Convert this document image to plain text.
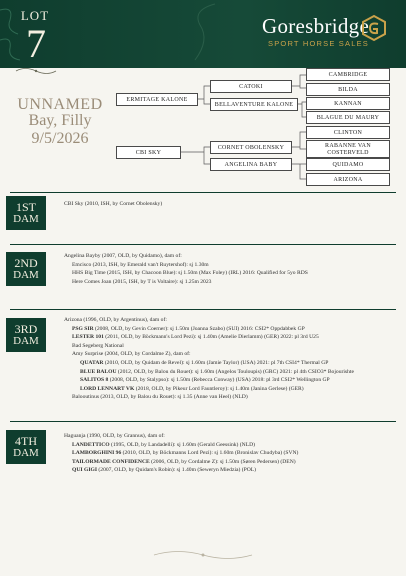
LOT
7	Goresbridge
SPORT HORSE SALES
UNNAMED
Bay, Filly
9/5/2026
ERMITAGE KALONE
CATOKI
BELLAVENTURE KALONE
CAMBRIDGE
BILDA
KANNAN
BLAGUE DU MAURY
CBI SKY
CORNET OBOLENSKY
ANGELINA BABY
CLINTON
RABANNE VAN COSTERVELD
QUIDAMO
ARIZONA
1ST
DAM
CBI Sky (2010, ISH, by Cornet Obolensky)
2ND
DAM
Angelina Bayby (2007, OLD, by Quidamo), dam of:
Emcisco (2013, ISH, by Emerald van't Ruytershof): sj 1.30m
HHS Big Time (2015, ISH, by Chacoon Blue): sj 1.50m (Max Foley) (IRL) 2016: Qualified for 5yo RDS
Here Comes Joan (2015, ISH, by T is Voltaire): sj 1.25m 2023
3RD
DAM
Arizona (1996, OLD, by Argentinus), dam of:
PSG SIR (2008, OLD, by Gevin Coerner): sj 1.50m (Joanna Szabo) (SUI) 2016: CSI2* Oppdabbek GP
LESTER 101 (2011, OLD, by Böckmann's Lord Pezi): sj 1.40m (Amelie Dierlamm) (GER) 2022: pl 3rd U25
Bad Segeberg National
Amy Surprise (2004, OLD, by Cordalme Z), dam of:
QUATAR (2010, OLD, by Quidam de Revel): sj 1.60m (Jamie Taylor) (USA) 2021: pl 7th CSI4* Thermal GP
BLUE BALOU (2012, OLD, by Balou du Rouet): sj 1.60m (Angelos Touloupis) (GRC) 2021: pl 4th CSIO3* Bojourishte
SALITOS 8 (2008, OLD, by Stalypso): sj 1.50m (Rebecca Conway) (USA) 2018: pl 3rd CSI2* Wellington GP
LORD LENNART VK (2018, OLD, by Pikeur Lord Fauntleroy): sj 1.40m (Janina Gerlese) (GER)
Balooutinus (2013, OLD, by Balou du Rouet): sj 1.35 (Anne van Heel) (NLD)
4TH
DAM
Haguanja (1990, OLD, by Grannus), dam of:
LANDETTICO (1995, OLD, by Landadelli): sj 1.60m (Gerald Geessink) (NLD)
LAMBORGHINI 96 (2010, OLD, by Böckmanns Lord Pezi): sj 1.60m (Bronislav Chudyba) (SVN)
TAILORMADE CONFIDENCE (2006, OLD, by Cordalme Z): sj 1.50m (Søren Pedersen) (DEN)
QUI GIGI (2007, OLD, by Quidam's Robin): sj 1.40m (Seweryn Miedzia) (POL)
